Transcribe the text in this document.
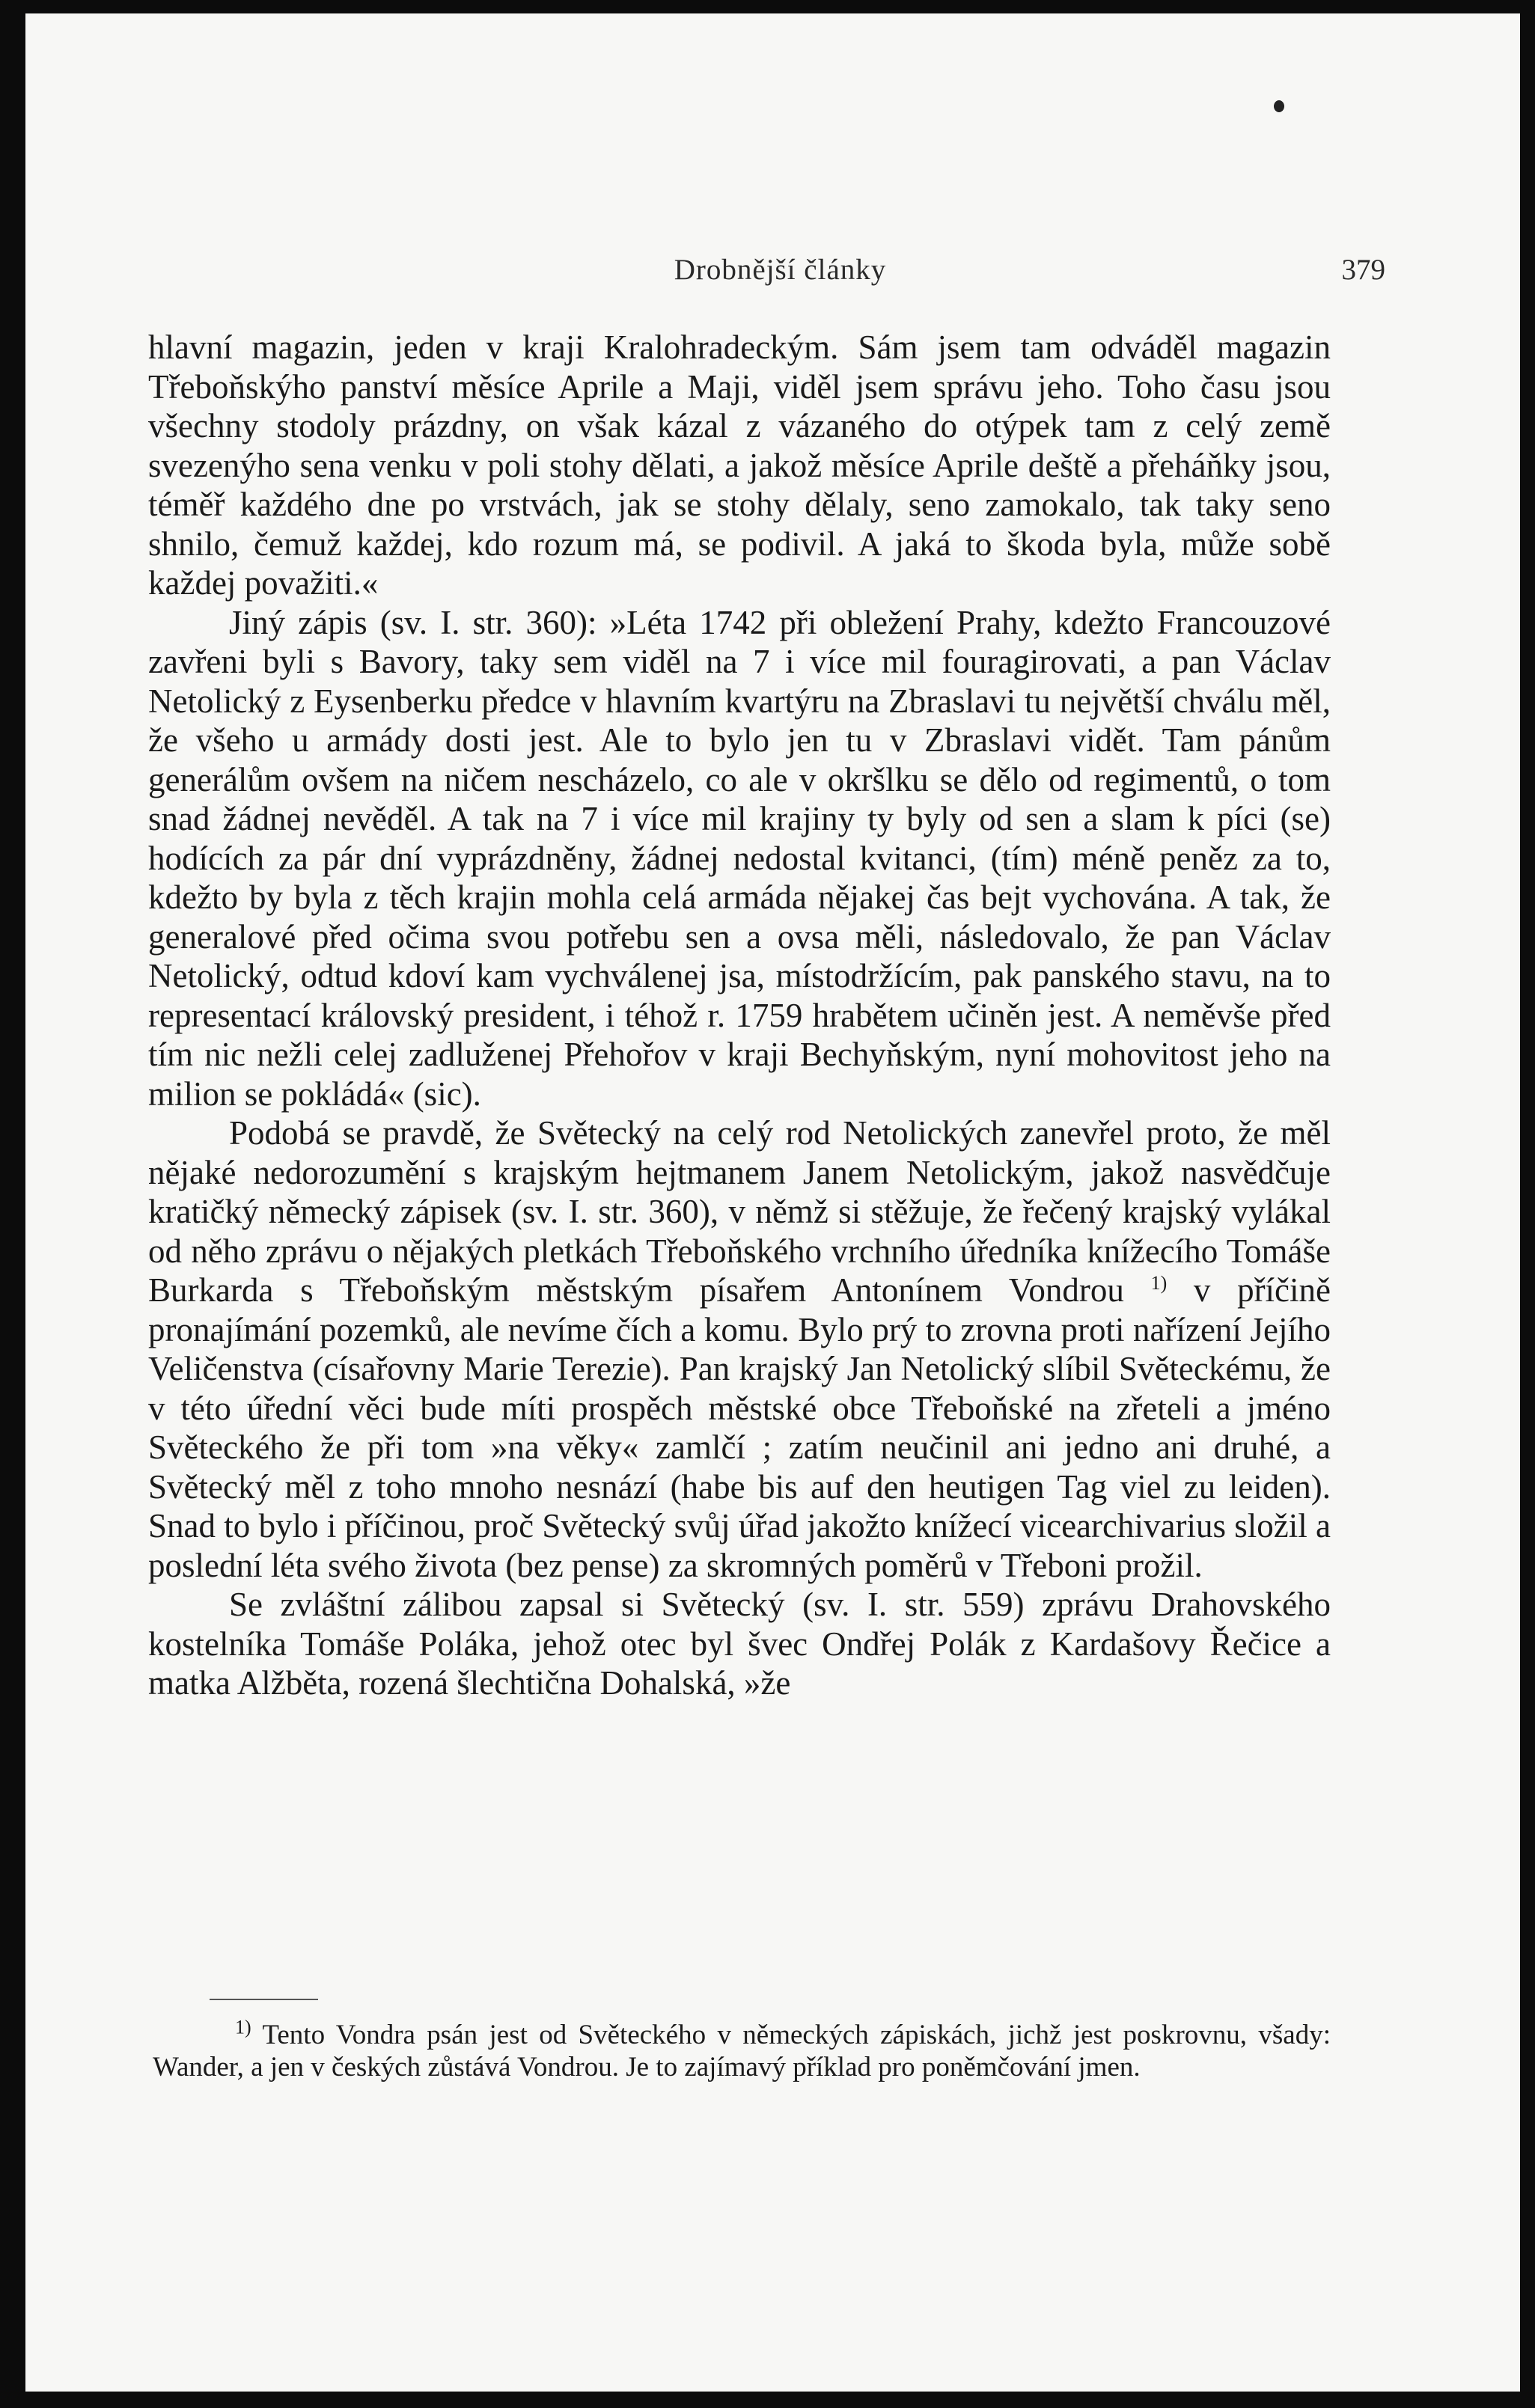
Drobnější články	379

hlavní magazin, jeden v kraji Kralohradeckým. Sám jsem tam odváděl magazin Třeboňskýho panství měsíce Aprile a Maji, viděl jsem správu jeho. Toho času jsou všechny stodoly prázdny, on však kázal z vázaného do otýpek tam z celý země svezenýho sena venku v poli stohy dělati, a jakož měsíce Aprile deště a přeháňky jsou, téměř každého dne po vrstvách, jak se stohy dělaly, seno zamokalo, tak taky seno shnilo, čemuž každej, kdo rozum má, se podivil. A jaká to škoda byla, může sobě každej považiti.«

Jiný zápis (sv. I. str. 360): »Léta 1742 při obležení Prahy, kdežto Francouzové zavřeni byli s Bavory, taky sem viděl na 7 i více mil fouragirovati, a pan Václav Netolický z Eysenberku předce v hlavním kvartýru na Zbraslavi tu největší chválu měl, že všeho u armády dosti jest. Ale to bylo jen tu v Zbraslavi vidět. Tam pánům generálům ovšem na ničem nescházelo, co ale v okršlku se dělo od regimentů, o tom snad žádnej nevěděl. A tak na 7 i více mil krajiny ty byly od sen a slam k píci (se) hodících za pár dní vyprázdněny, žádnej nedostal kvitanci, (tím) méně peněz za to, kdežto by byla z těch krajin mohla celá armáda nějakej čas bejt vychována. A tak, že generalové před očima svou potřebu sen a ovsa měli, následovalo, že pan Václav Netolický, odtud kdoví kam vychválenej jsa, místodržícím, pak panského stavu, na to representací královský president, i téhož r. 1759 hrabětem učiněn jest. A neměvše před tím nic nežli celej zadluženej Přehořov v kraji Bechyňským, nyní mohovitost jeho na milion se pokládá« (sic).

Podobá se pravdě, že Světecký na celý rod Netolických zanevřel proto, že měl nějaké nedorozumění s krajským hejtmanem Janem Netolickým, jakož nasvědčuje kratičký německý zápisek (sv. I. str. 360), v němž si stěžuje, že řečený krajský vylákal od něho zprávu o nějakých pletkách Třeboňského vrchního úředníka knížecího Tomáše Burkarda s Třeboňským městským písařem Antonínem Vondrou $^{1)}$ v příčině pronajímání pozemků, ale nevíme čích a komu. Bylo prý to zrovna proti nařízení Jejího Veličenstva (císařovny Marie Terezie). Pan krajský Jan Netolický slíbil Světeckému, že v této úřední věci bude míti prospěch městské obce Třeboňské na zřeteli a jméno Světeckého že při tom »na věky« zamlčí ; zatím neučinil ani jedno ani druhé, a Světecký měl z toho mnoho nesnází (habe bis auf den heutigen Tag viel zu leiden). Snad to bylo i příčinou, proč Světecký svůj úřad jakožto knížecí vicearchivarius složil a poslední léta svého života (bez pense) za skromných poměrů v Třeboni prožil.

Se zvláštní zálibou zapsal si Světecký (sv. I. str. 559) zprávu Drahovského kostelníka Tomáše Poláka, jehož otec byl švec Ondřej Polák z Kardašovy Řečice a matka Alžběta, rozená šlechtična Dohalská, »že

$^{1)}$ Tento Vondra psán jest od Světeckého v německých zápiskách, jichž jest poskrovnu, všady: Wander, a jen v českých zůstává Vondrou. Je to zajímavý příklad pro poněmčování jmen.
